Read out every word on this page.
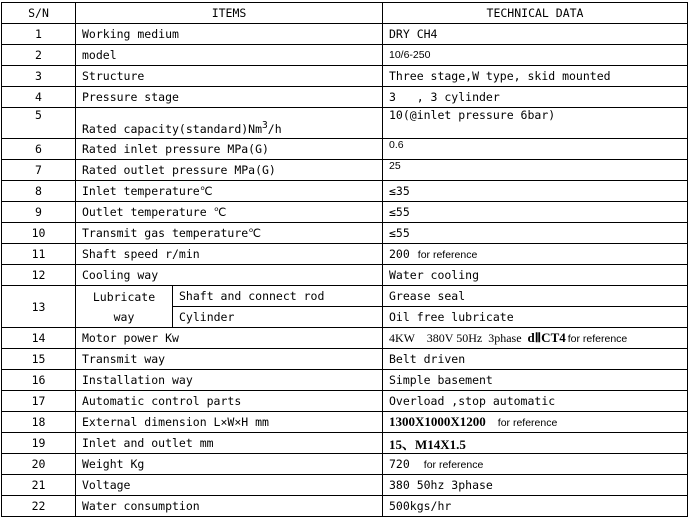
S/N	ITEMS		TECHNICAL DATA
1	Working medium		DRY CH4
2	model		10/6-250
3	Structure		Three stage,W type, skid mounted
4	Pressure stage		3   , 3 cylinder
5	Rated capacity(standard)Nm$^3$/h		10(@inlet pressure 6bar)
6	Rated inlet pressure MPa(G)		0.6
7	Rated outlet pressure MPa(G)		25
8	Inlet temperature℃		≤35
9	Outlet temperature ℃		≤55
10	Transmit gas temperature℃		≤55
11	Shaft speed r/min		200 for reference
12	Cooling way		Water cooling
13	Lubricate way	Shaft and connect rod	Grease seal
		Cylinder	Oil free lubricate
14	Motor power Kw		4KW    380V 50Hz  3phase dⅡCT4 for reference
15	Transmit way		Belt driven
16	Installation way		Simple basement
17	Automatic control parts		Overload ,stop automatic
18	External dimension L×W×H mm		1300X1000X1200 for reference
19	Inlet and outlet mm		15、M14X1.5
20	Weight Kg		720 for reference
21	Voltage		380 50hz 3phase
22	Water consumption		500kgs/hr
